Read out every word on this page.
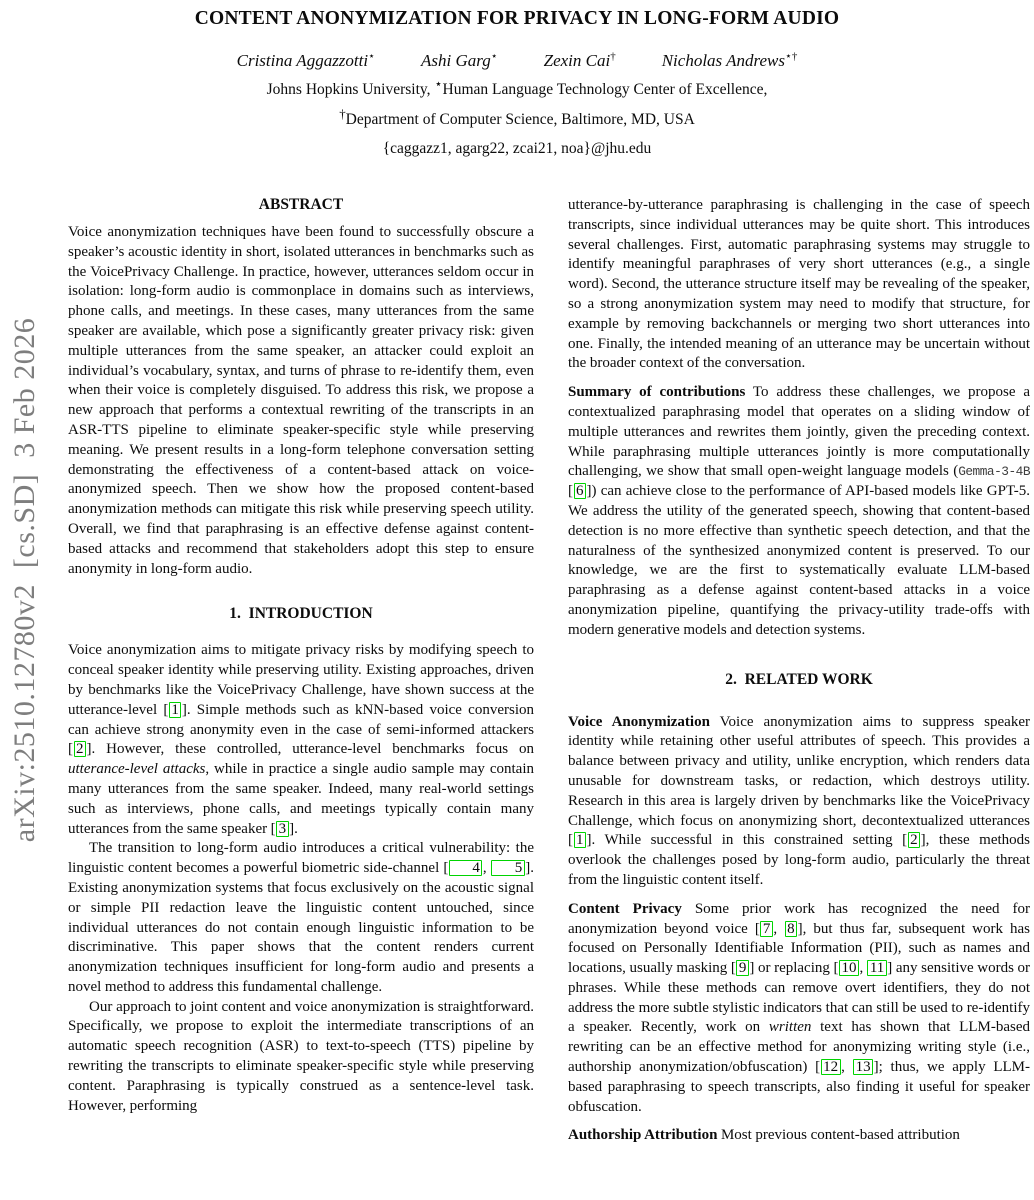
arXiv:2510.12780v2  [cs.SD]  3 Feb 2026
CONTENT ANONYMIZATION FOR PRIVACY IN LONG-FORM AUDIO
Cristina Aggazzotti⋆	Ashi Garg⋆	Zexin Cai†	Nicholas Andrews⋆†
Johns Hopkins University, ⋆Human Language Technology Center of Excellence,
†Department of Computer Science, Baltimore, MD, USA
{caggazz1, agarg22, zcai21, noa}@jhu.edu
ABSTRACT

Voice anonymization techniques have been found to successfully obscure a speaker’s acoustic identity in short, isolated utterances in benchmarks such as the VoicePrivacy Challenge. In practice, however, utterances seldom occur in isolation: long-form audio is commonplace in domains such as interviews, phone calls, and meetings. In these cases, many utterances from the same speaker are available, which pose a significantly greater privacy risk: given multiple utterances from the same speaker, an attacker could exploit an individual’s vocabulary, syntax, and turns of phrase to re-identify them, even when their voice is completely disguised. To address this risk, we propose a new approach that performs a contextual rewriting of the transcripts in an ASR-TTS pipeline to eliminate speaker-specific style while preserving meaning. We present results in a long-form telephone conversation setting demonstrating the effectiveness of a content-based attack on voice-anonymized speech. Then we show how the proposed content-based anonymization methods can mitigate this risk while preserving speech utility. Overall, we find that paraphrasing is an effective defense against content-based attacks and recommend that stakeholders adopt this step to ensure anonymity in long-form audio.

1.  INTRODUCTION

Voice anonymization aims to mitigate privacy risks by modifying speech to conceal speaker identity while preserving utility. Existing approaches, driven by benchmarks like the VoicePrivacy Challenge, have shown success at the utterance-level [ 1 ]. Simple methods such as kNN-based voice conversion can achieve strong anonymity even in the case of semi-informed attackers [ 2 ]. However, these controlled, utterance-level benchmarks focus on utterance-level attacks, while in practice a single audio sample may contain many utterances from the same speaker. Indeed, many real-world settings such as interviews, phone calls, and meetings typically contain many utterances from the same speaker [ 3 ].

The transition to long-form audio introduces a critical vulnerability: the linguistic content becomes a powerful biometric side-channel [ 4 , 5 ]. Existing anonymization systems that focus exclusively on the acoustic signal or simple PII redaction leave the linguistic content untouched, since individual utterances do not contain enough linguistic information to be discriminative. This paper shows that the content renders current anonymization techniques insufficient for long-form audio and presents a novel method to address this fundamental challenge.

Our approach to joint content and voice anonymization is straightforward. Specifically, we propose to exploit the intermediate transcriptions of an automatic speech recognition (ASR) to text-to-speech (TTS) pipeline by rewriting the transcripts to eliminate speaker-specific style while preserving content. Paraphrasing is typically construed as a sentence-level task. However, performing

utterance-by-utterance paraphrasing is challenging in the case of speech transcripts, since individual utterances may be quite short. This introduces several challenges. First, automatic paraphrasing systems may struggle to identify meaningful paraphrases of very short utterances (e.g., a single word). Second, the utterance structure itself may be revealing of the speaker, so a strong anonymization system may need to modify that structure, for example by removing backchannels or merging two short utterances into one. Finally, the intended meaning of an utterance may be uncertain without the broader context of the conversation.

Summary of contributions To address these challenges, we propose a contextualized paraphrasing model that operates on a sliding window of multiple utterances and rewrites them jointly, given the preceding context. While paraphrasing multiple utterances jointly is more computationally challenging, we show that small open-weight language models (Gemma-3-4B [ 6 ]) can achieve close to the performance of API-based models like GPT-5. We address the utility of the generated speech, showing that content-based detection is no more effective than synthetic speech detection, and that the naturalness of the synthesized anonymized content is preserved. To our knowledge, we are the first to systematically evaluate LLM-based paraphrasing as a defense against content-based attacks in a voice anonymization pipeline, quantifying the privacy-utility trade-offs with modern generative models and detection systems.

2.  RELATED WORK

Voice Anonymization Voice anonymization aims to suppress speaker identity while retaining other useful attributes of speech. This provides a balance between privacy and utility, unlike encryption, which renders data unusable for downstream tasks, or redaction, which destroys utility. Research in this area is largely driven by benchmarks like the VoicePrivacy Challenge, which focus on anonymizing short, decontextualized utterances [ 1 ]. While successful in this constrained setting [ 2 ], these methods overlook the challenges posed by long-form audio, particularly the threat from the linguistic content itself.

Content Privacy Some prior work has recognized the need for anonymization beyond voice [ 7 , 8 ], but thus far, subsequent work has focused on Personally Identifiable Information (PII), such as names and locations, usually masking [ 9 ] or replacing [ 10 , 11 ] any sensitive words or phrases. While these methods can remove overt identifiers, they do not address the more subtle stylistic indicators that can still be used to re-identify a speaker. Recently, work on written text has shown that LLM-based rewriting can be an effective method for anonymizing writing style (i.e., authorship anonymization/obfuscation) [ 12 , 13 ]; thus, we apply LLM-based paraphrasing to speech transcripts, also finding it useful for speaker obfuscation.

Authorship Attribution Most previous content-based attribution
